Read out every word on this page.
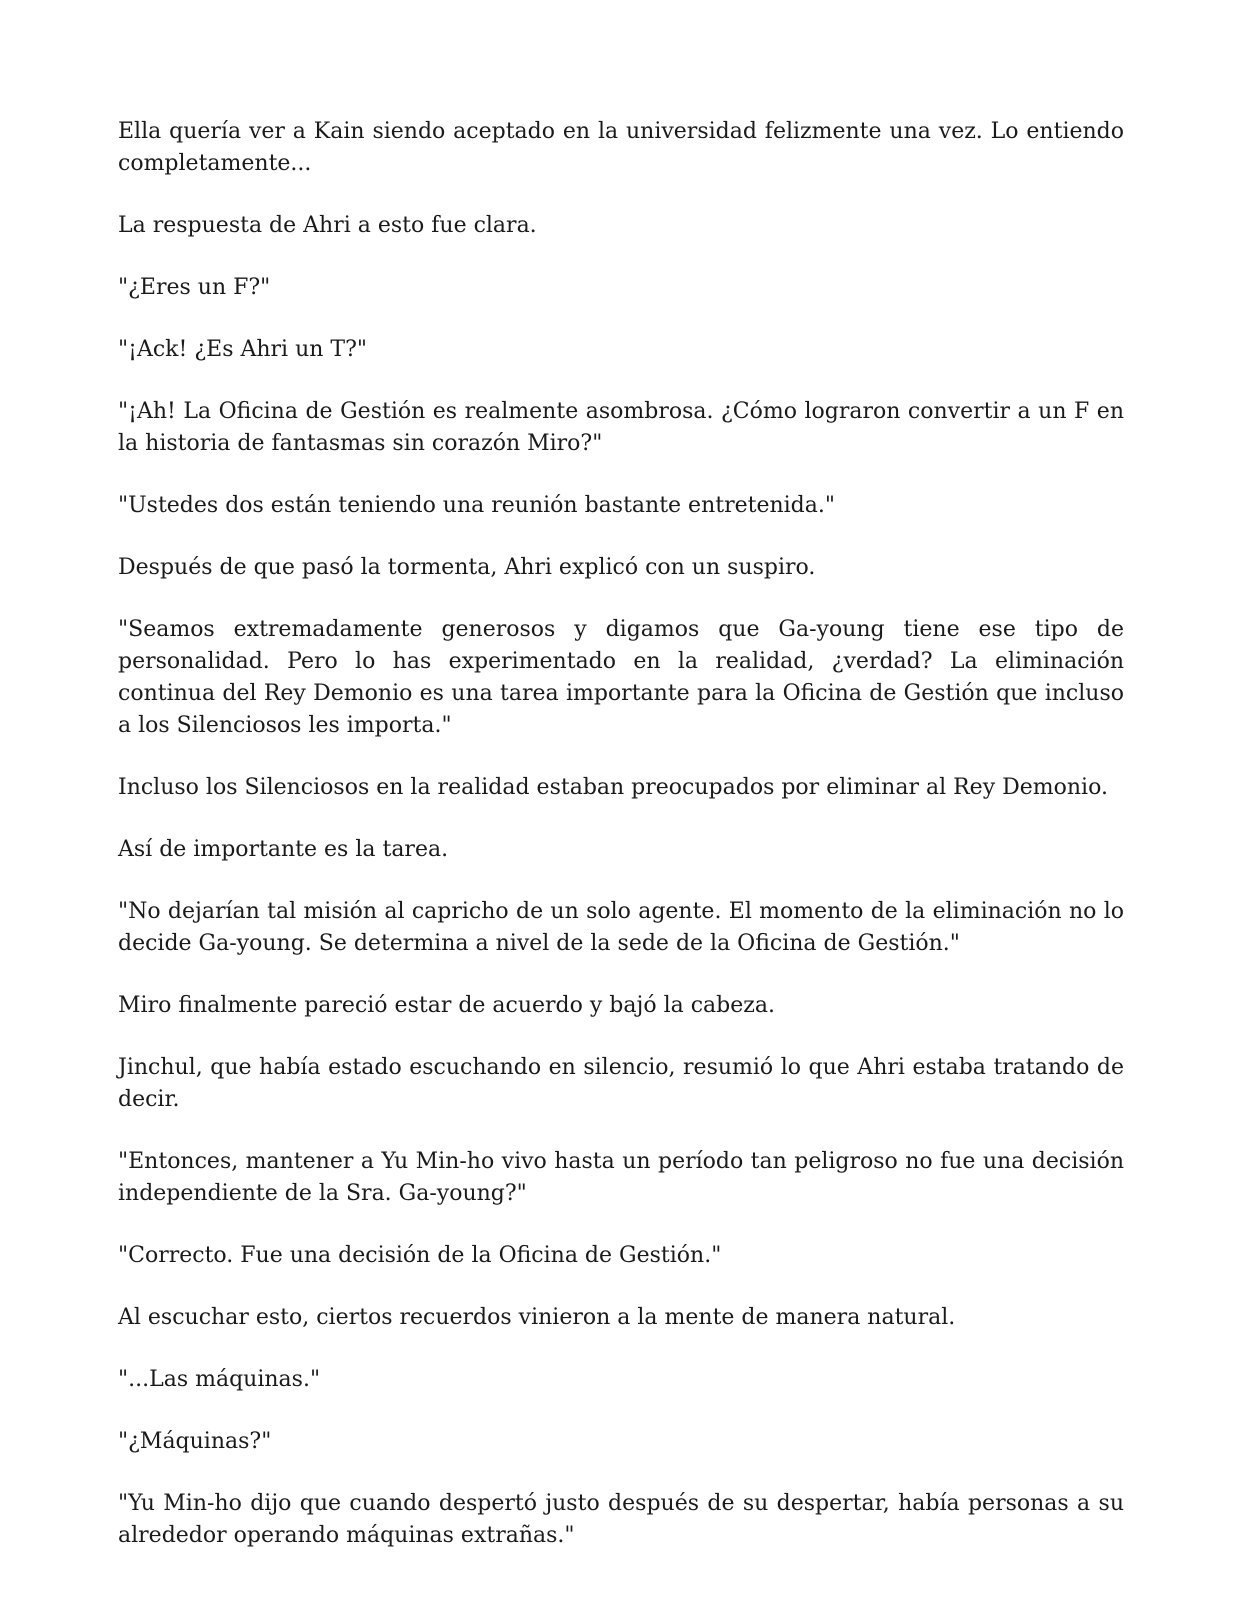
Ella quería ver a Kain siendo aceptado en la universidad felizmente una vez. Lo entiendo completamente...

La respuesta de Ahri a esto fue clara.

"¿Eres un F?"

"¡Ack! ¿Es Ahri un T?"

"¡Ah! La Oficina de Gestión es realmente asombrosa. ¿Cómo lograron convertir a un F en la historia de fantasmas sin corazón Miro?"

"Ustedes dos están teniendo una reunión bastante entretenida."

Después de que pasó la tormenta, Ahri explicó con un suspiro.

"Seamos extremadamente generosos y digamos que Ga-young tiene ese tipo de personalidad. Pero lo has experimentado en la realidad, ¿verdad? La eliminación continua del Rey Demonio es una tarea importante para la Oficina de Gestión que incluso a los Silenciosos les importa."

Incluso los Silenciosos en la realidad estaban preocupados por eliminar al Rey Demonio.

Así de importante es la tarea.

"No dejarían tal misión al capricho de un solo agente. El momento de la eliminación no lo decide Ga-young. Se determina a nivel de la sede de la Oficina de Gestión."

Miro finalmente pareció estar de acuerdo y bajó la cabeza.

Jinchul, que había estado escuchando en silencio, resumió lo que Ahri estaba tratando de decir.

"Entonces, mantener a Yu Min-ho vivo hasta un período tan peligroso no fue una decisión independiente de la Sra. Ga-young?"

"Correcto. Fue una decisión de la Oficina de Gestión."

Al escuchar esto, ciertos recuerdos vinieron a la mente de manera natural.

"...Las máquinas."

"¿Máquinas?"

"Yu Min-ho dijo que cuando despertó justo después de su despertar, había personas a su alrededor operando máquinas extrañas."
